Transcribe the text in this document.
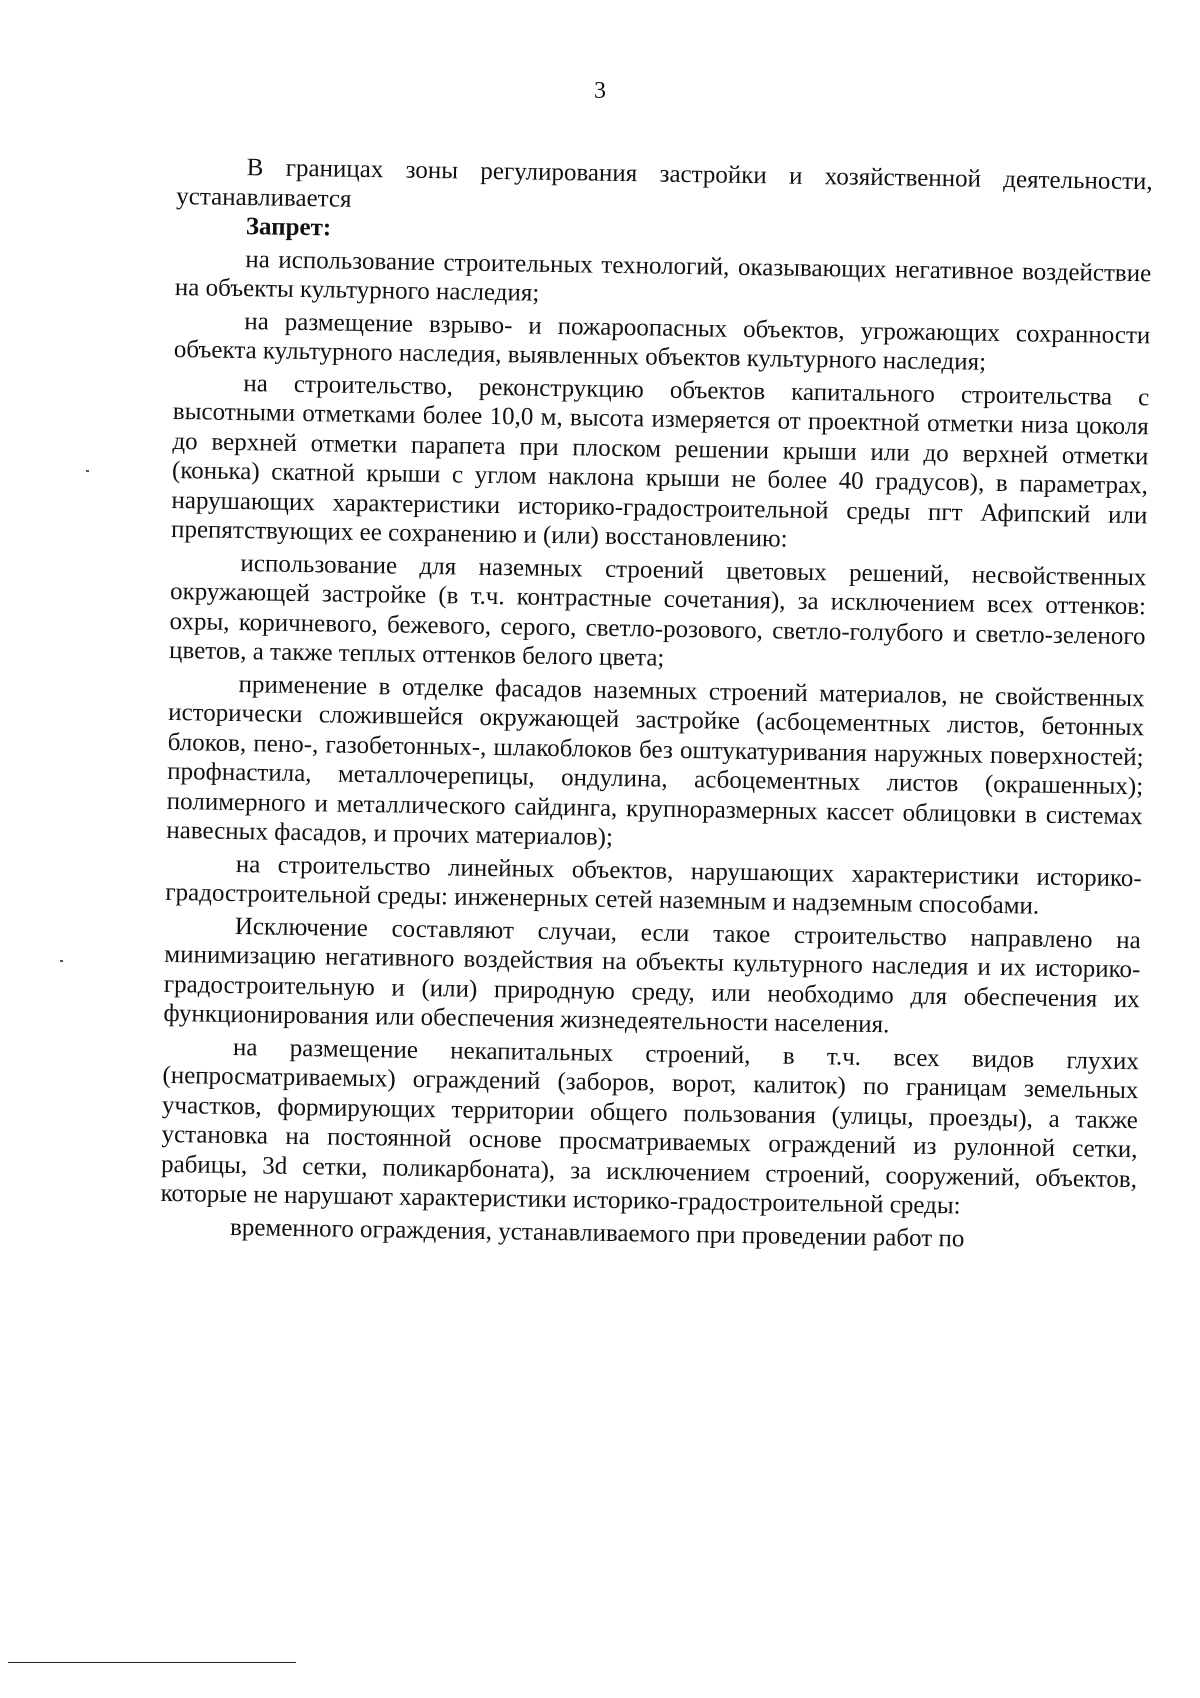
3

В границах зоны регулирования застройки и хозяйственной деятельности, устанавливается

Запрет:

на использование строительных технологий, оказывающих негативное воздействие на объекты культурного наследия;

на размещение взрыво- и пожароопасных объектов, угрожающих сохранности объекта культурного наследия, выявленных объектов культурного наследия;

на строительство, реконструкцию объектов капитального строительства с высотными отметками более 10,0 м, высота измеряется от проектной отметки низа цоколя до верхней отметки парапета при плоском решении крыши или до верхней отметки (конька) скатной крыши с углом наклона крыши не более 40 градусов), в параметрах, нарушающих характеристики историко-градостроительной среды пгт Афипский или препятствующих ее сохранению и (или) восстановлению:

использование для наземных строений цветовых решений, несвойственных окружающей застройке (в т.ч. контрастные сочетания), за исключением всех оттенков: охры, коричневого, бежевого, серого, светло-розового, светло-голубого и светло-зеленого цветов, а также теплых оттенков белого цвета;

применение в отделке фасадов наземных строений материалов, не свойственных исторически сложившейся окружающей застройке (асбоцементных листов, бетонных блоков, пено-, газобетонных-, шлакоблоков без оштукатуривания наружных поверхностей; профнастила, металлочерепицы, ондулина, асбоцементных листов (окрашенных); полимерного и металлического сайдинга, крупноразмерных кассет облицовки в системах навесных фасадов, и прочих материалов);

на строительство линейных объектов, нарушающих характеристики историко-градостроительной среды: инженерных сетей наземным и надземным способами.

Исключение составляют случаи, если такое строительство направлено на минимизацию негативного воздействия на объекты культурного наследия и их историко-градостроительную и (или) природную среду, или необходимо для обеспечения их функционирования или обеспечения жизнедеятельности населения.

на размещение некапитальных строений, в т.ч. всех видов глухих (непросматриваемых) ограждений (заборов, ворот, калиток) по границам земельных участков, формирующих территории общего пользования (улицы, проезды), а также установка на постоянной основе просматриваемых ограждений из рулонной сетки, рабицы, 3d сетки, поликарбоната), за исключением строений, сооружений, объектов, которые не нарушают характеристики историко-градостроительной среды:

временного ограждения, устанавливаемого при проведении работ по
